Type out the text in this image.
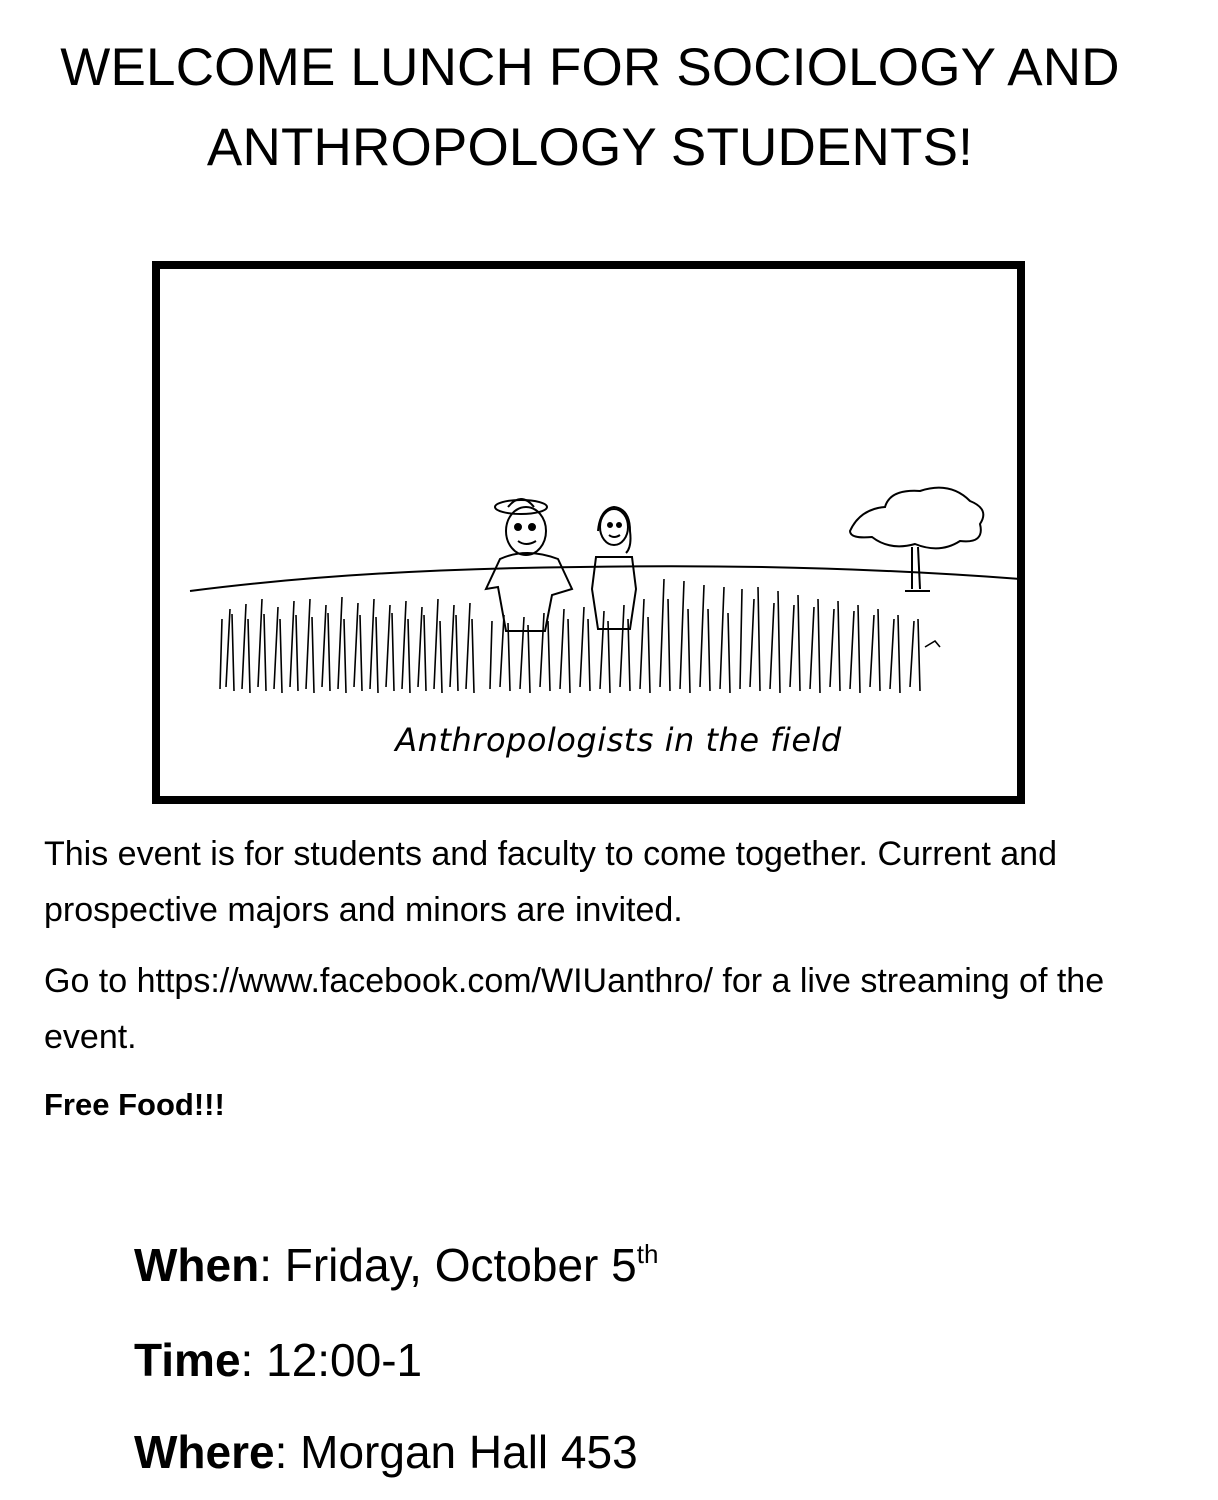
WELCOME LUNCH FOR SOCIOLOGY AND
ANTHROPOLOGY STUDENTS!
Anthropologists in the field
This event is for students and faculty to come together. Current and prospective majors and minors are invited.
Go to https://www.facebook.com/WIUanthro/ for a live streaming of the event.
Free Food!!!
When: Friday, October 5th
Time: 12:00-1
Where: Morgan Hall 453
